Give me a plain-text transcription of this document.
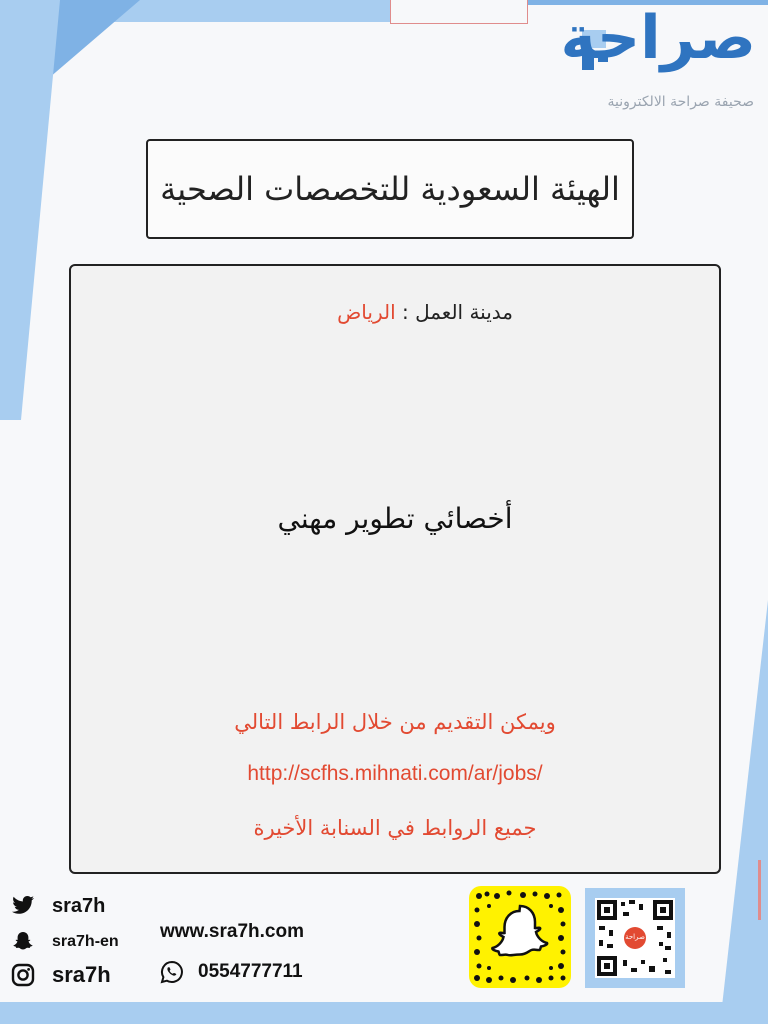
صراحة
صحيفة صراحة الالكترونية
الهيئة السعودية للتخصصات الصحية
مدينة العمل : الرياض
أخصائي تطوير مهني
ويمكن التقديم من خلال الرابط التالي
http://scfhs.mihnati.com/ar/jobs/
جميع الروابط في السنابة الأخيرة
sra7h
sra7h-en
sra7h
www.sra7h.com
0554777711
صراحة
